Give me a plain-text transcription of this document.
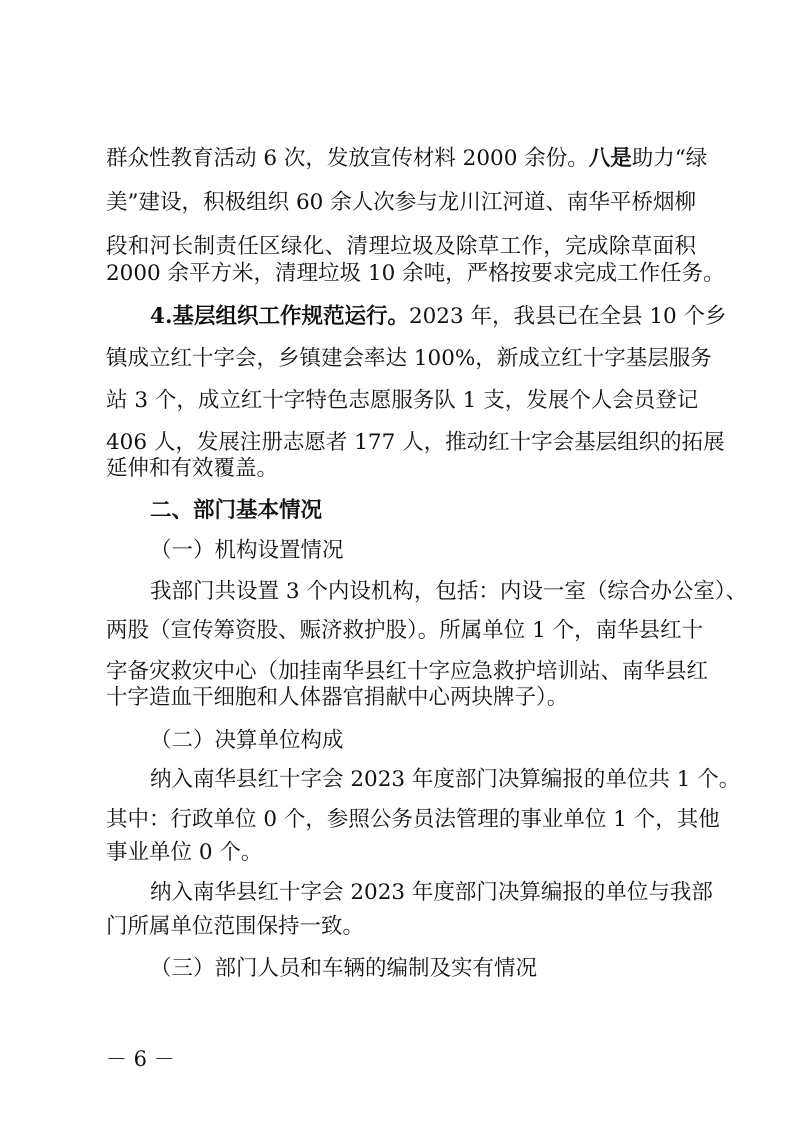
群众性教育活动 6 次，发放宣传材料 2000 余份。八是助力“绿
美”建设，积极组织 60 余人次参与龙川江河道、南华平桥烟柳
段和河长制责任区绿化、清理垃圾及除草工作，完成除草面积
2000 余平方米，清理垃圾 10 余吨，严格按要求完成工作任务。
4.基层组织工作规范运行。2023 年，我县已在全县 10 个乡
镇成立红十字会，乡镇建会率达 100%，新成立红十字基层服务
站 3 个，成立红十字特色志愿服务队 1 支，发展个人会员登记
406 人，发展注册志愿者 177 人，推动红十字会基层组织的拓展
延伸和有效覆盖。
二、部门基本情况
（一）机构设置情况
我部门共设置 3 个内设机构，包括：内设一室（综合办公室）、
两股（宣传筹资股、赈济救护股）。所属单位 1 个，南华县红十
字备灾救灾中心（加挂南华县红十字应急救护培训站、南华县红
十字造血干细胞和人体器官捐献中心两块牌子）。
（二）决算单位构成
纳入南华县红十字会 2023 年度部门决算编报的单位共 1 个。
其中：行政单位 0 个，参照公务员法管理的事业单位 1 个，其他
事业单位 0 个。
纳入南华县红十字会 2023 年度部门决算编报的单位与我部
门所属单位范围保持一致。
（三）部门人员和车辆的编制及实有情况
－ 6 －
